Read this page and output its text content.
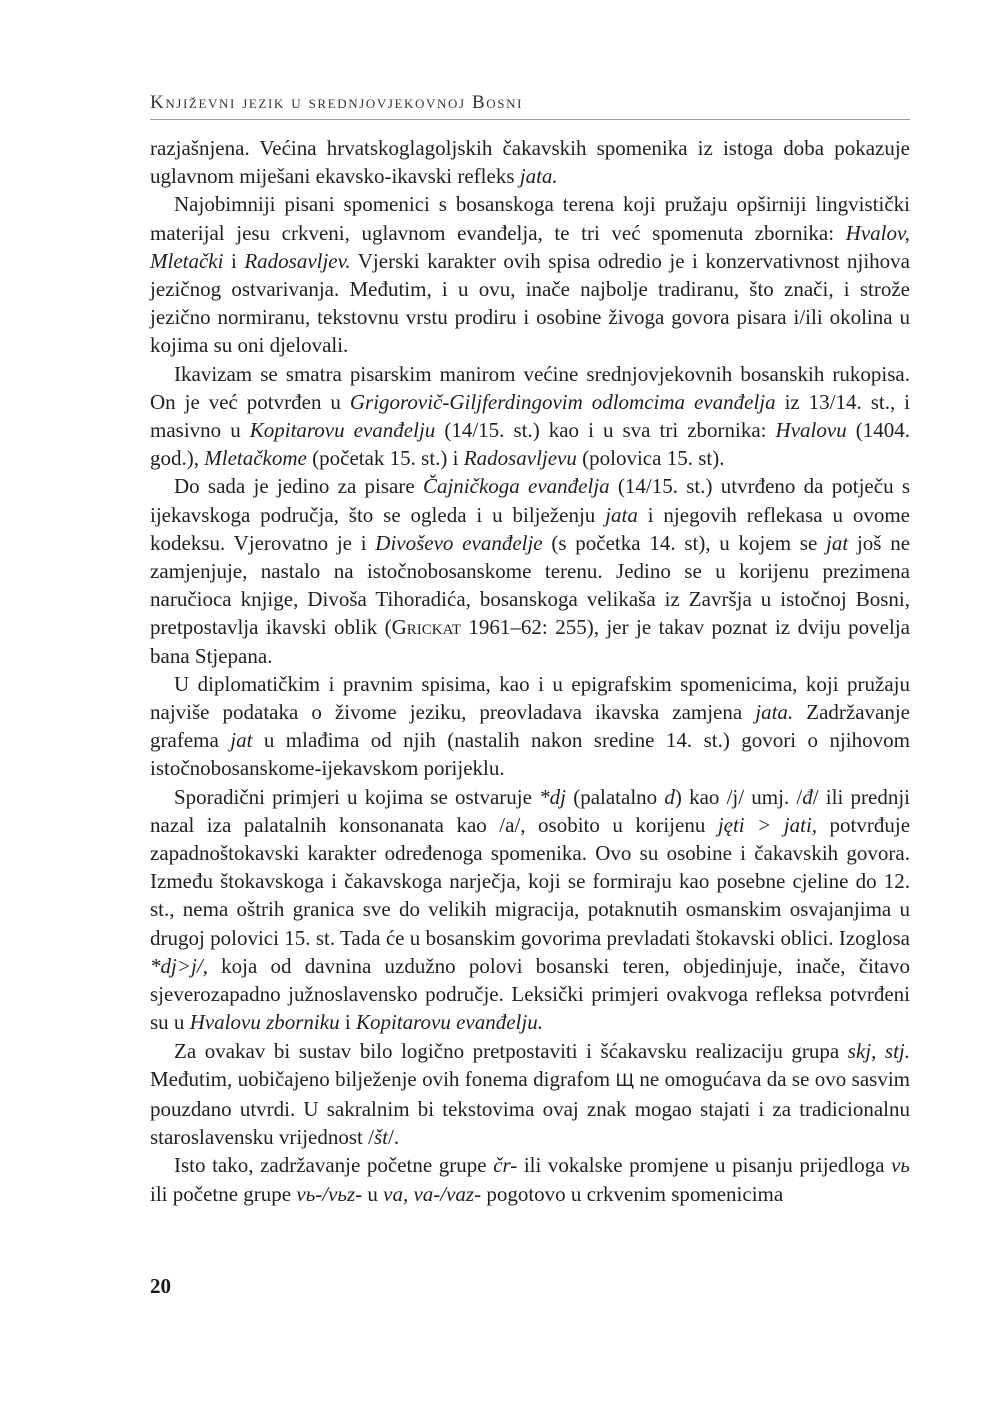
Književni jezik u srednjovjekovnoj Bosni

razjašnjena. Većina hrvatskoglagoljskih čakavskih spomenika iz istoga doba pokazuje uglavnom miješani ekavsko-ikavski refleks jata.

Najobimniji pisani spomenici s bosanskoga terena koji pružaju opširniji lingvistički materijal jesu crkveni, uglavnom evanđelja, te tri već spomenuta zbornika: Hvalov, Mletački i Radosavljev. Vjerski karakter ovih spisa odredio je i konzervativnost njihova jezičnog ostvarivanja. Međutim, i u ovu, inače najbolje tradiranu, što znači, i strože jezično normiranu, tekstovnu vrstu prodiru i osobine živoga govora pisara i/ili okolina u kojima su oni djelovali.

Ikavizam se smatra pisarskim manirom većine srednjovjekovnih bosanskih rukopisa. On je već potvrđen u Grigorovič-Giljferdingovim odlomcima evanđelja iz 13/14. st., i masivno u Kopitarovu evanđelju (14/15. st.) kao i u sva tri zbornika: Hvalovu (1404. god.), Mletačkome (početak 15. st.) i Radosavljevu (polovica 15. st).

Do sada je jedino za pisare Čajničkoga evanđelja (14/15. st.) utvrđeno da potječu s ijekavskoga područja, što se ogleda i u bilježenju jata i njegovih reflekasa u ovome kodeksu. Vjerovatno je i Divoševo evanđelje (s početka 14. st), u kojem se jat još ne zamjenjuje, nastalo na istočnobosanskome terenu. Jedino se u korijenu prezimena naručioca knjige, Divoša Tihoradića, bosanskoga velikaša iz Završja u istočnoj Bosni, pretpostavlja ikavski oblik (Grickat 1961–62: 255), jer je takav poznat iz dviju povelja bana Stjepana.

U diplomatičkim i pravnim spisima, kao i u epigrafskim spomenicima, koji pružaju najviše podataka o živome jeziku, preovladava ikavska zamjena jata. Zadržavanje grafema jat u mlađima od njih (nastalih nakon sredine 14. st.) govori o njihovom istočnobosanskome-ijekavskom porijeklu.

Sporadični primjeri u kojima se ostvaruje *dj (palatalno d) kao /j/ umj. /đ/ ili prednji nazal iza palatalnih konsonanata kao /a/, osobito u korijenu jęti > jati, potvrđuje zapadnoštokavski karakter određenoga spomenika. Ovo su osobine i čakavskih govora. Između štokavskoga i čakavskoga narječja, koji se formiraju kao posebne cjeline do 12. st., nema oštrih granica sve do velikih migracija, potaknutih osmanskim osvajanjima u drugoj polovici 15. st. Tada će u bosanskim govorima prevladati štokavski oblici. Izoglosa *dj>j/, koja od davnina uzdužno polovi bosanski teren, objedinjuje, inače, čitavo sjeverozapadno južnoslavensko područje. Leksički primjeri ovakvoga refleksa potvrđeni su u Hvalovu zborniku i Kopitarovu evanđelju.

Za ovakav bi sustav bilo logično pretpostaviti i šćakavsku realizaciju grupa skj, stj. Međutim, uobičajeno bilježenje ovih fonema digrafom Щ ne omogućava da se ovo sasvim pouzdano utvrdi. U sakralnim bi tekstovima ovaj znak mogao stajati i za tradicionalnu staroslavensku vrijednost /št/.

Isto tako, zadržavanje početne grupe čr- ili vokalske promjene u pisanju prijedloga vь ili početne grupe vь-/vьz- u va, va-/vaz- pogotovo u crkvenim spomenicima

20
